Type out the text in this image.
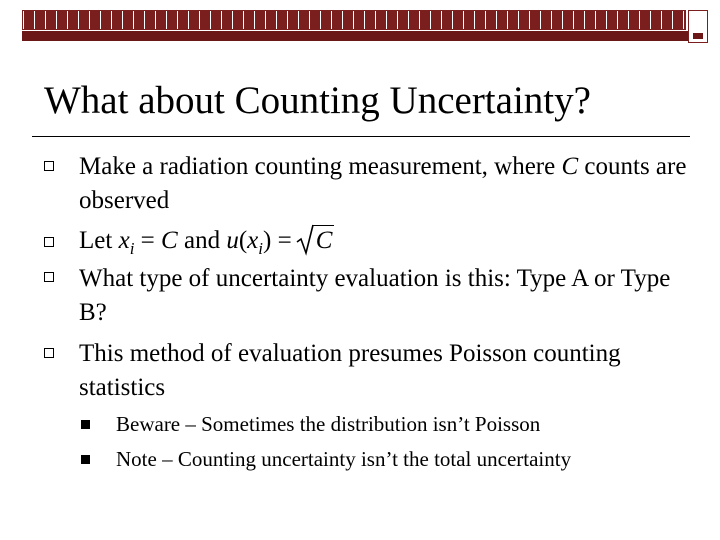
What about Counting Uncertainty?
Make a radiation counting measurement, where C counts are observed
Let $x_i = C$ and $u(x_i) = C$
What type of uncertainty evaluation is this: Type A or Type B?
This method of evaluation presumes Poisson counting statistics
Beware – Sometimes the distribution isn’t Poisson
Note – Counting uncertainty isn’t the total uncertainty
